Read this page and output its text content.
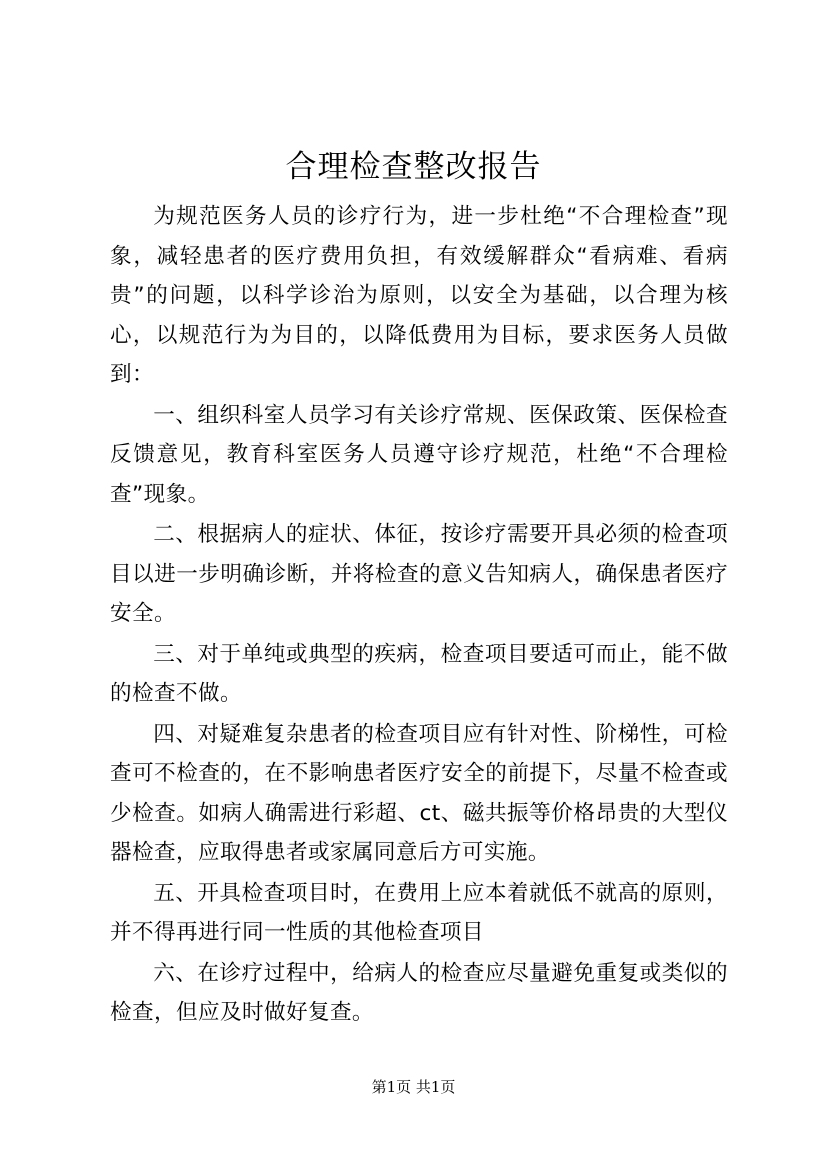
合理检查整改报告

为规范医务人员的诊疗行为，进一步杜绝“不合理检查”现象，减轻患者的医疗费用负担，有效缓解群众“看病难、看病贵”的问题，以科学诊治为原则，以安全为基础，以合理为核心，以规范行为为目的，以降低费用为目标，要求医务人员做到：

一、组织科室人员学习有关诊疗常规、医保政策、医保检查反馈意见，教育科室医务人员遵守诊疗规范，杜绝“不合理检查”现象。

二、根据病人的症状、体征，按诊疗需要开具必须的检查项目以进一步明确诊断，并将检查的意义告知病人，确保患者医疗安全。

三、对于单纯或典型的疾病，检查项目要适可而止，能不做的检查不做。

四、对疑难复杂患者的检查项目应有针对性、阶梯性，可检查可不检查的，在不影响患者医疗安全的前提下，尽量不检查或少检查。如病人确需进行彩超、ct、磁共振等价格昂贵的大型仪器检查，应取得患者或家属同意后方可实施。

五、开具检查项目时，在费用上应本着就低不就高的原则，并不得再进行同一性质的其他检查项目

六、在诊疗过程中，给病人的检查应尽量避免重复或类似的检查，但应及时做好复查。

第1页 共1页
